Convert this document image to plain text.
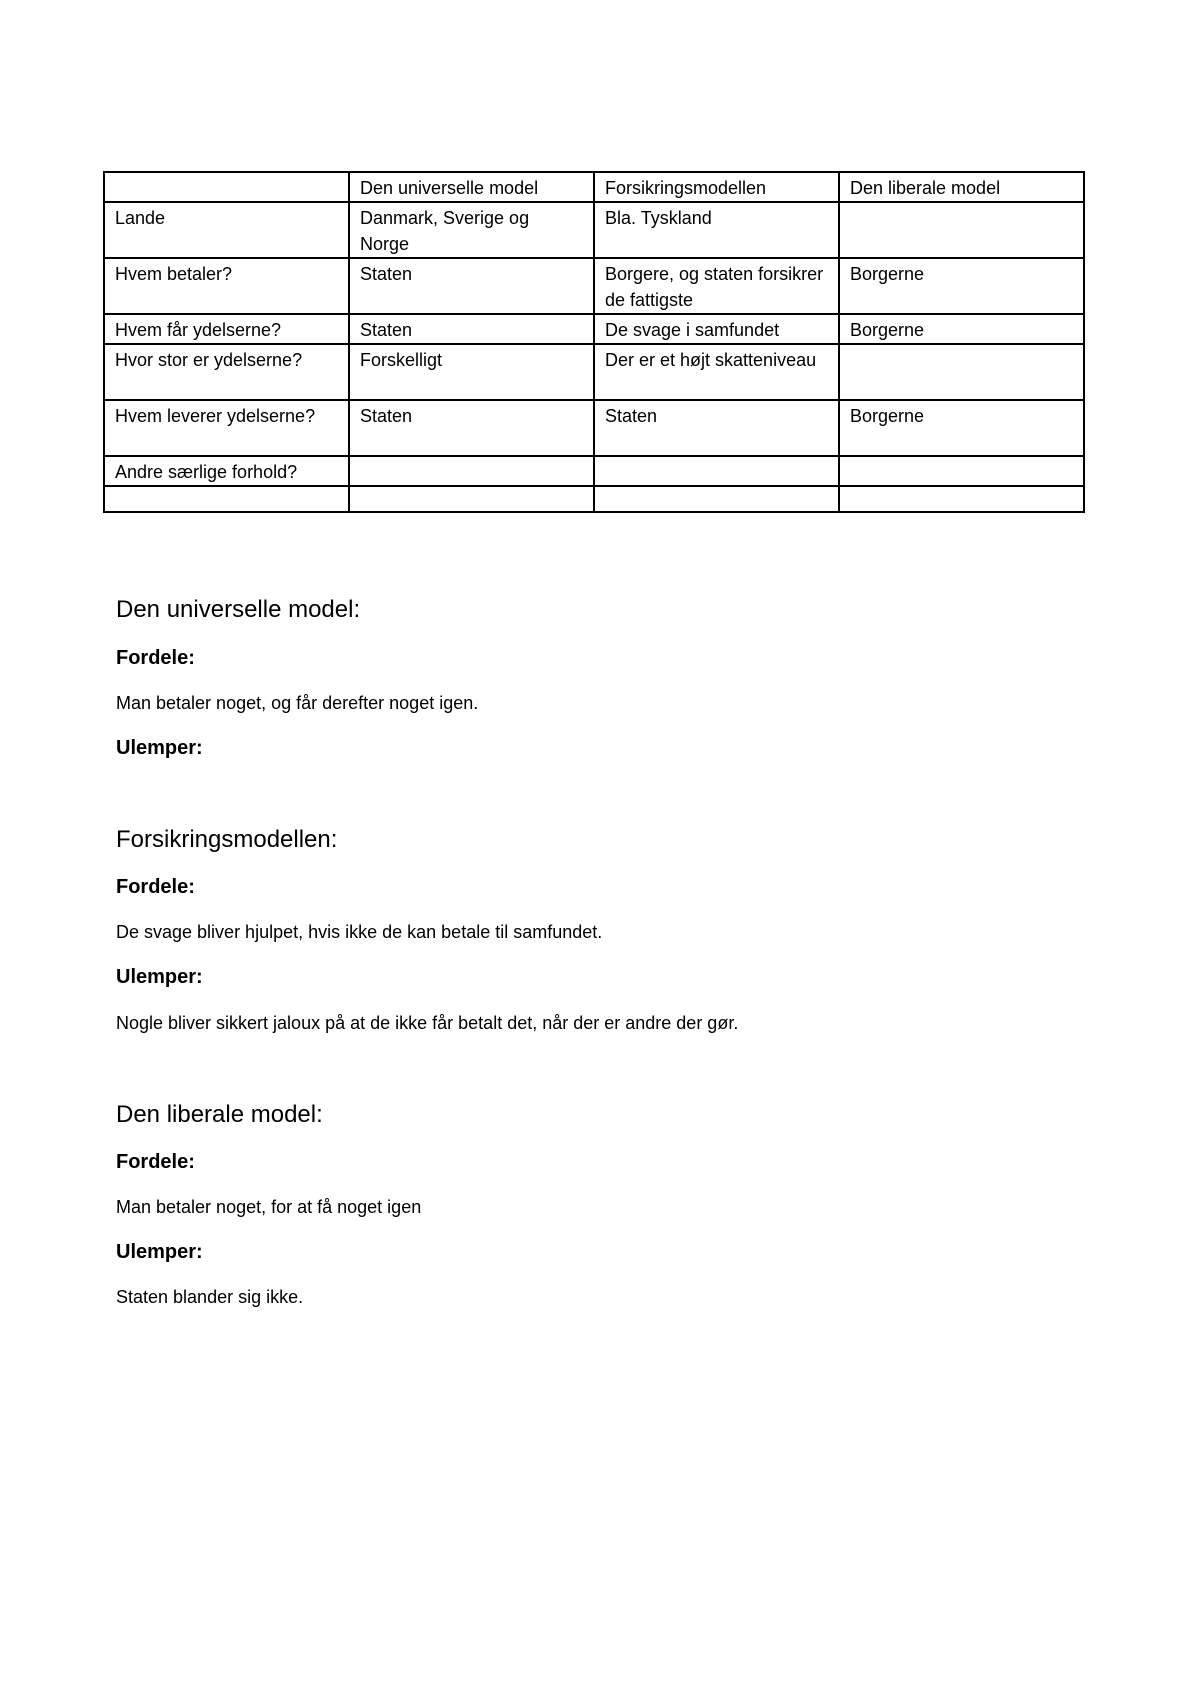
	Den universelle model	Forsikringsmodellen	Den liberale model
Lande	Danmark, Sverige og Norge	Bla. Tyskland	
Hvem betaler?	Staten	Borgere, og staten forsikrer de fattigste	Borgerne
Hvem får ydelserne?	Staten	De svage i samfundet	Borgerne
Hvor stor er ydelserne?	Forskelligt	Der er et højt skatteniveau	
Hvem leverer ydelserne?	Staten	Staten	Borgerne
Andre særlige forhold?			

Den universelle model:

Fordele:

Man betaler noget, og får derefter noget igen.

Ulemper:

Forsikringsmodellen:

Fordele:

De svage bliver hjulpet, hvis ikke de kan betale til samfundet.

Ulemper:

Nogle bliver sikkert jaloux på at de ikke får betalt det, når der er andre der gør.

Den liberale model:

Fordele:

Man betaler noget, for at få noget igen

Ulemper:

Staten blander sig ikke.
